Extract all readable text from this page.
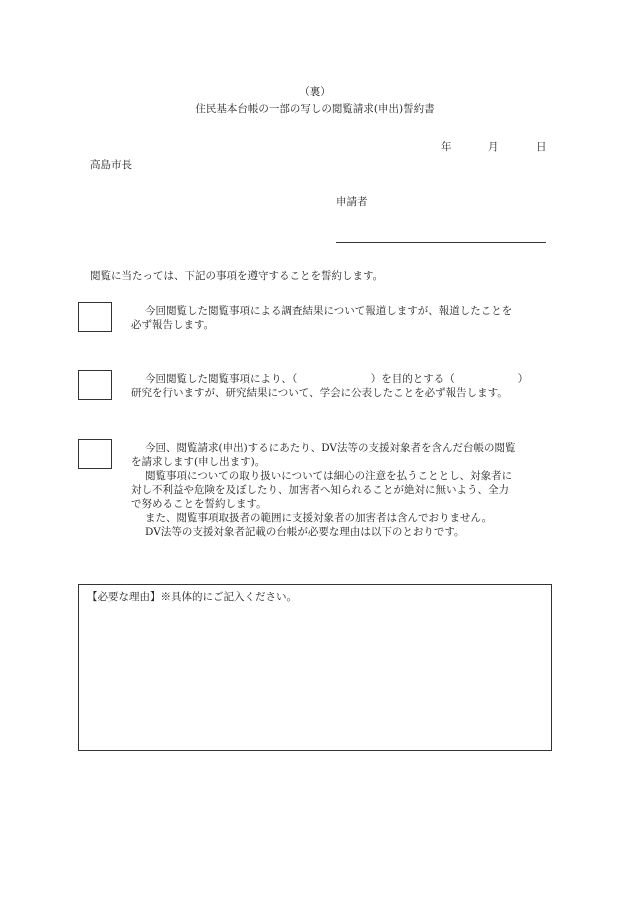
（裏）
住民基本台帳の一部の写しの閲覧請求(申出)誓約書
年	月	日
高島市長
申請者
閲覧に当たっては、下記の事項を遵守することを誓約します。
今回閲覧した閲覧事項による調査結果について報道しますが、報道したことを
必ず報告します。
今回閲覧した閲覧事項により、（　　　　　　　）を目的とする（　　　　　　）
研究を行いますが、研究結果について、学会に公表したことを必ず報告します。
今回、閲覧請求(申出)するにあたり、DV法等の支援対象者を含んだ台帳の閲覧
を請求します(申し出ます)。
閲覧事項についての取り扱いについては細心の注意を払うこととし、対象者に
対し不利益や危険を及ぼしたり、加害者へ知られることが絶対に無いよう、全力
で努めることを誓約します。
また、閲覧事項取扱者の範囲に支援対象者の加害者は含んでおりません。
DV法等の支援対象者記載の台帳が必要な理由は以下のとおりです。
【必要な理由】※具体的にご記入ください。
